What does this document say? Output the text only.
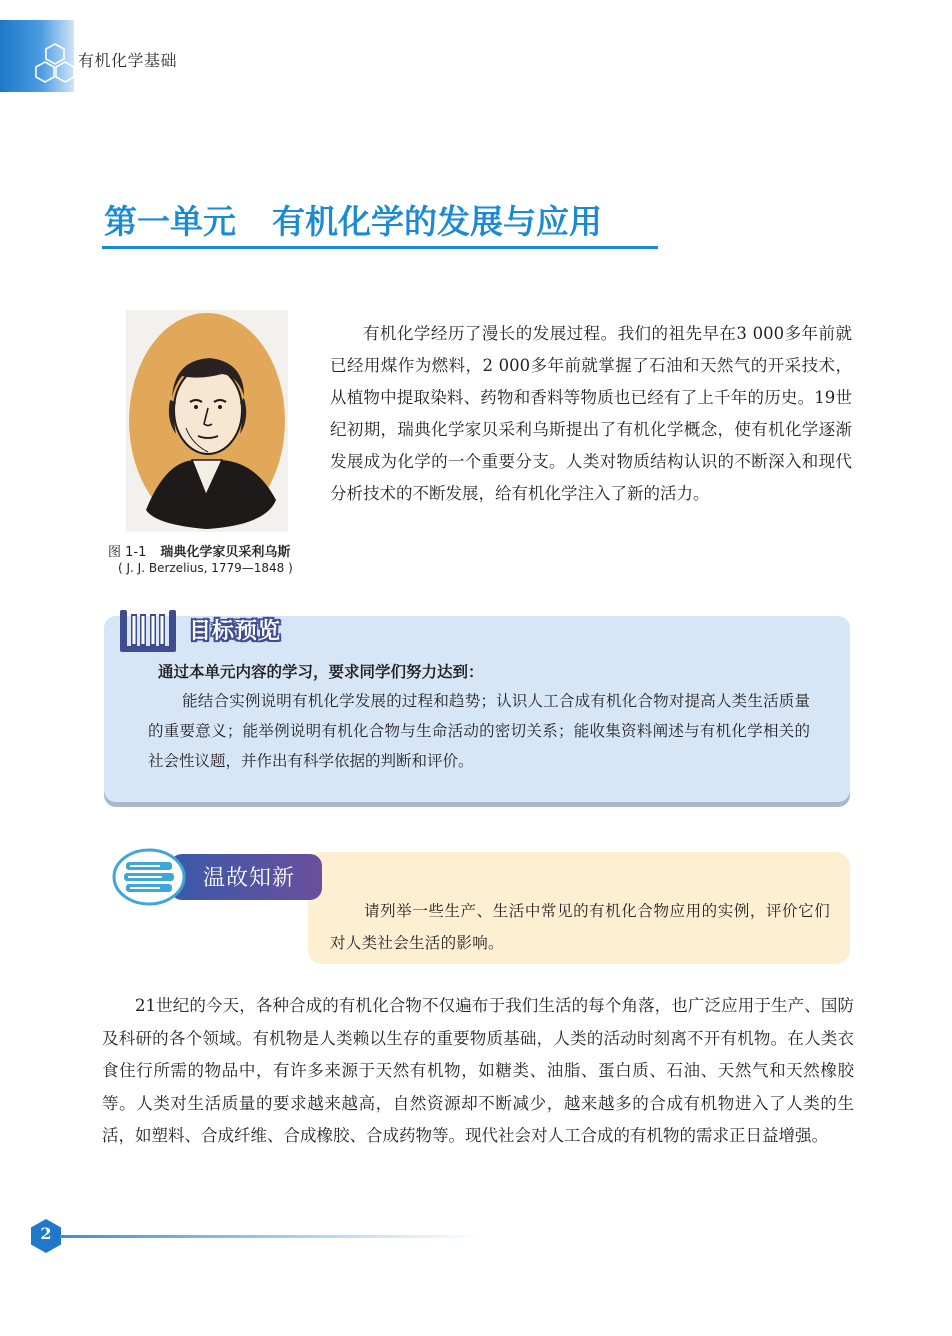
有机化学基础
第一单元 有机化学的发展与应用
图 1-1 瑞典化学家贝采利乌斯
( J. J. Berzelius, 1779—1848 )
有机化学经历了漫长的发展过程。我们的祖先早在3 000多年前就已经用煤作为燃料，2 000多年前就掌握了石油和天然气的开采技术，从植物中提取染料、药物和香料等物质也已经有了上千年的历史。19世纪初期，瑞典化学家贝采利乌斯提出了有机化学概念，使有机化学逐渐发展成为化学的一个重要分支。人类对物质结构认识的不断深入和现代分析技术的不断发展，给有机化学注入了新的活力。
目标预览
通过本单元内容的学习，要求同学们努力达到：
能结合实例说明有机化学发展的过程和趋势；认识人工合成有机化合物对提高人类生活质量的重要意义；能举例说明有机化合物与生命活动的密切关系；能收集资料阐述与有机化学相关的社会性议题，并作出有科学依据的判断和评价。
温故知新
请列举一些生产、生活中常见的有机化合物应用的实例，评价它们对人类社会生活的影响。
21世纪的今天，各种合成的有机化合物不仅遍布于我们生活的每个角落，也广泛应用于生产、国防及科研的各个领域。有机物是人类赖以生存的重要物质基础，人类的活动时刻离不开有机物。在人类衣食住行所需的物品中，有许多来源于天然有机物，如糖类、油脂、蛋白质、石油、天然气和天然橡胶等。人类对生活质量的要求越来越高，自然资源却不断减少，越来越多的合成有机物进入了人类的生活，如塑料、合成纤维、合成橡胶、合成药物等。现代社会对人工合成的有机物的需求正日益增强。
2
